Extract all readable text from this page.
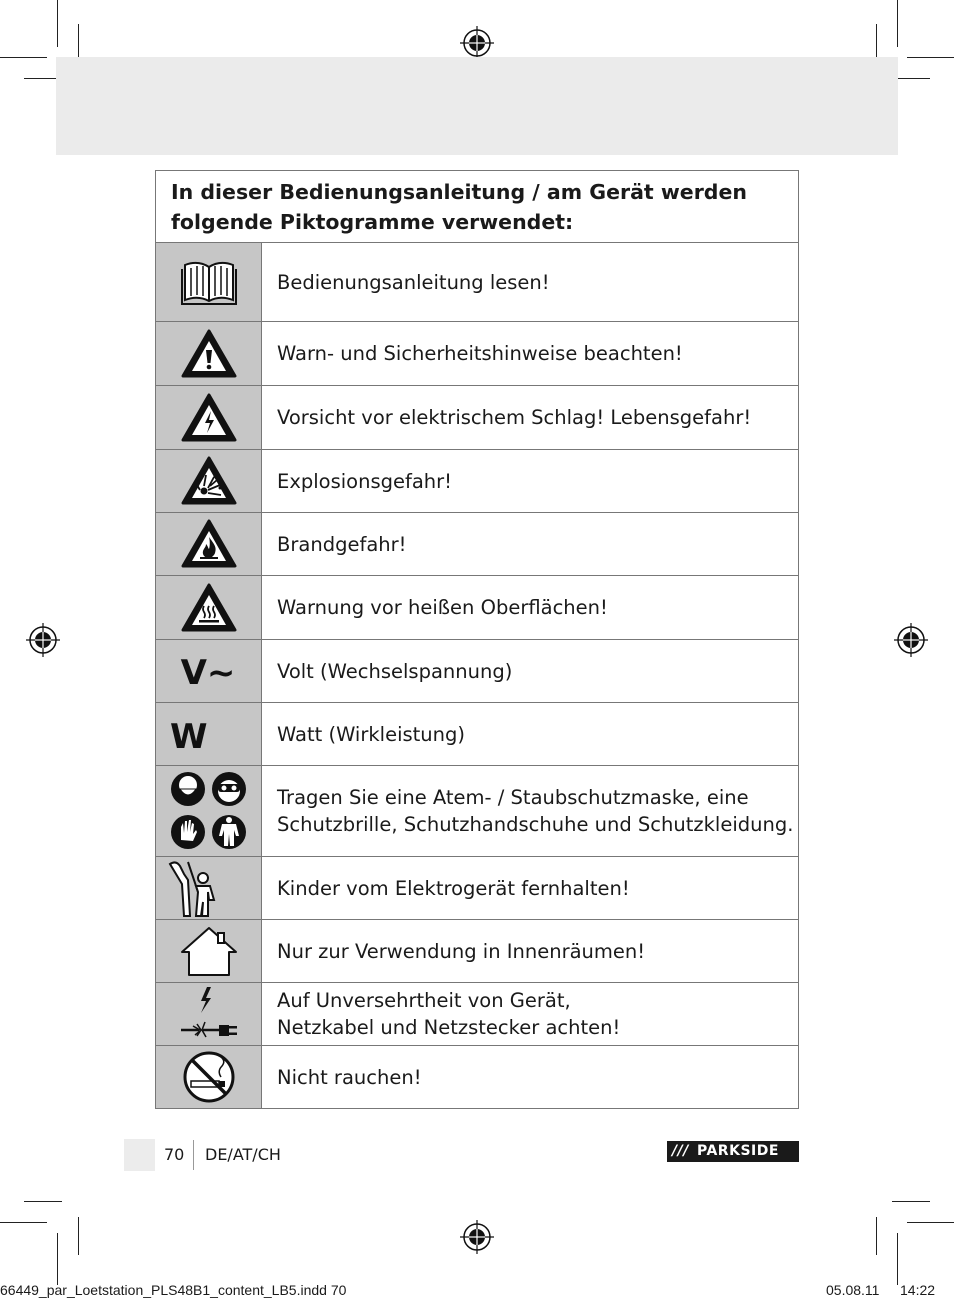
In dieser Bedienungsanleitung / am Gerät werden folgende Piktogramme verwendet:	

	Bedienungsanleitung lesen!

	Warn- und Sicherheitshinweise beachten!

	Vorsicht vor elektrischem Schlag! Lebensgefahr!

	Explosionsgefahr!

	Brandgefahr!

	Warnung vor heißen Oberflächen!

V~	Volt (Wechselspannung)

W	Watt (Wirkleistung)

	Tragen Sie eine Atem- / Staubschutzmaske, eine
Schutzbrille, Schutzhandschuhe und Schutzkleidung.

	Kinder vom Elektrogerät fernhalten!

	Nur zur Verwendung in Innenräumen!

	Auf Unversehrtheit von Gerät,
Netzkabel und Netzstecker achten!

	Nicht rauchen!
70 DE/AT/CH	/// PARKSIDE
66449_par_Loetstation_PLS48B1_content_LB5.indd 70	05.08.11 14:22
